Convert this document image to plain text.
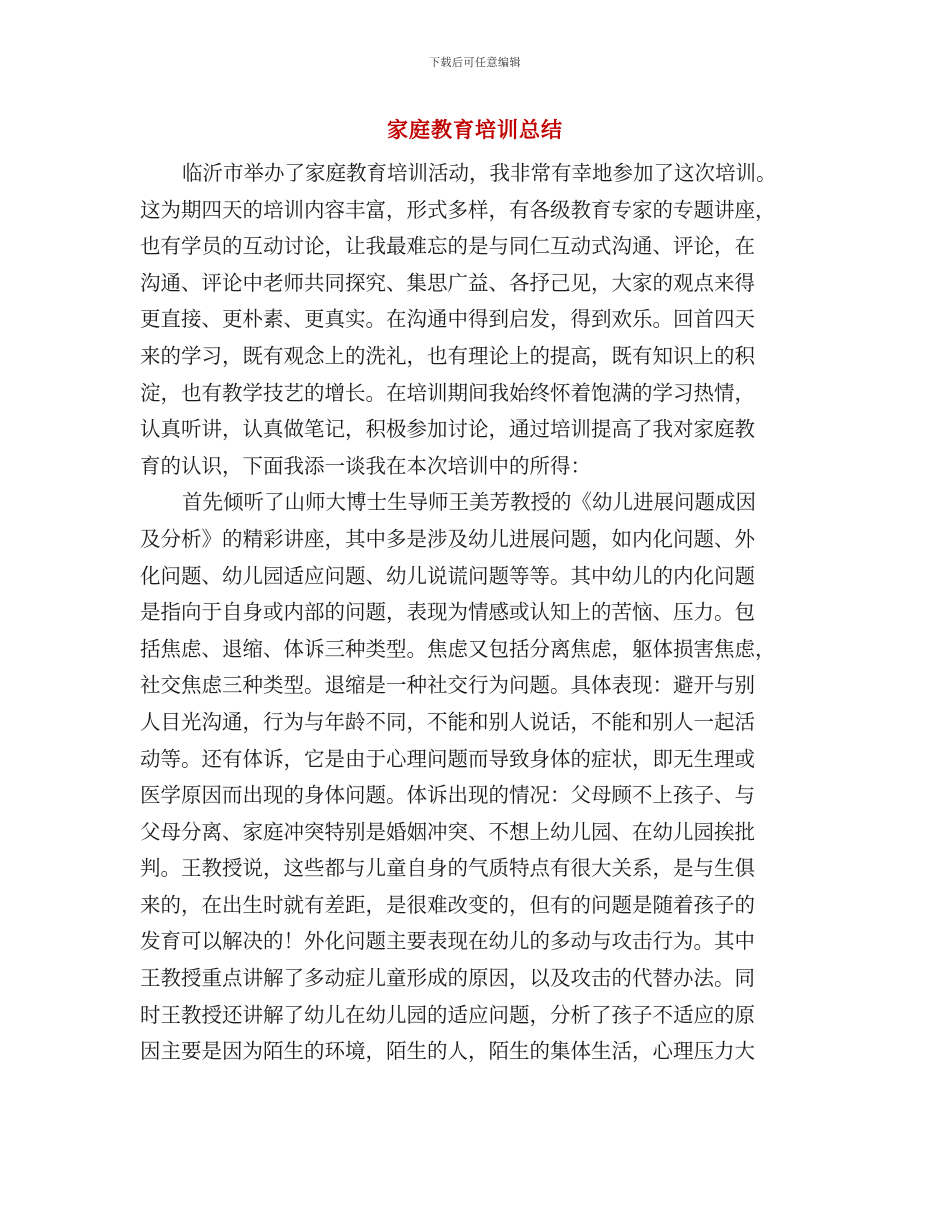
下载后可任意编辑
家庭教育培训总结
临沂市举办了家庭教育培训活动，我非常有幸地参加了这次培训。
这为期四天的培训内容丰富，形式多样，有各级教育专家的专题讲座，
也有学员的互动讨论，让我最难忘的是与同仁互动式沟通、评论，在
沟通、评论中老师共同探究、集思广益、各抒己见，大家的观点来得
更直接、更朴素、更真实。在沟通中得到启发，得到欢乐。回首四天
来的学习，既有观念上的洗礼，也有理论上的提高，既有知识上的积
淀，也有教学技艺的增长。在培训期间我始终怀着饱满的学习热情，
认真听讲，认真做笔记，积极参加讨论，通过培训提高了我对家庭教
育的认识，下面我添一谈我在本次培训中的所得：
首先倾听了山师大博士生导师王美芳教授的《幼儿进展问题成因
及分析》的精彩讲座，其中多是涉及幼儿进展问题，如内化问题、外
化问题、幼儿园适应问题、幼儿说谎问题等等。其中幼儿的内化问题
是指向于自身或内部的问题，表现为情感或认知上的苦恼、压力。包
括焦虑、退缩、体诉三种类型。焦虑又包括分离焦虑，躯体损害焦虑，
社交焦虑三种类型。退缩是一种社交行为问题。具体表现：避开与别
人目光沟通，行为与年龄不同，不能和别人说话，不能和别人一起活
动等。还有体诉，它是由于心理问题而导致身体的症状，即无生理或
医学原因而出现的身体问题。体诉出现的情况：父母顾不上孩子、与
父母分离、家庭冲突特别是婚姻冲突、不想上幼儿园、在幼儿园挨批
判。王教授说，这些都与儿童自身的气质特点有很大关系，是与生俱
来的，在出生时就有差距，是很难改变的，但有的问题是随着孩子的
发育可以解决的！外化问题主要表现在幼儿的多动与攻击行为。其中
王教授重点讲解了多动症儿童形成的原因，以及攻击的代替办法。同
时王教授还讲解了幼儿在幼儿园的适应问题，分析了孩子不适应的原
因主要是因为陌生的环境，陌生的人，陌生的集体生活，心理压力大
